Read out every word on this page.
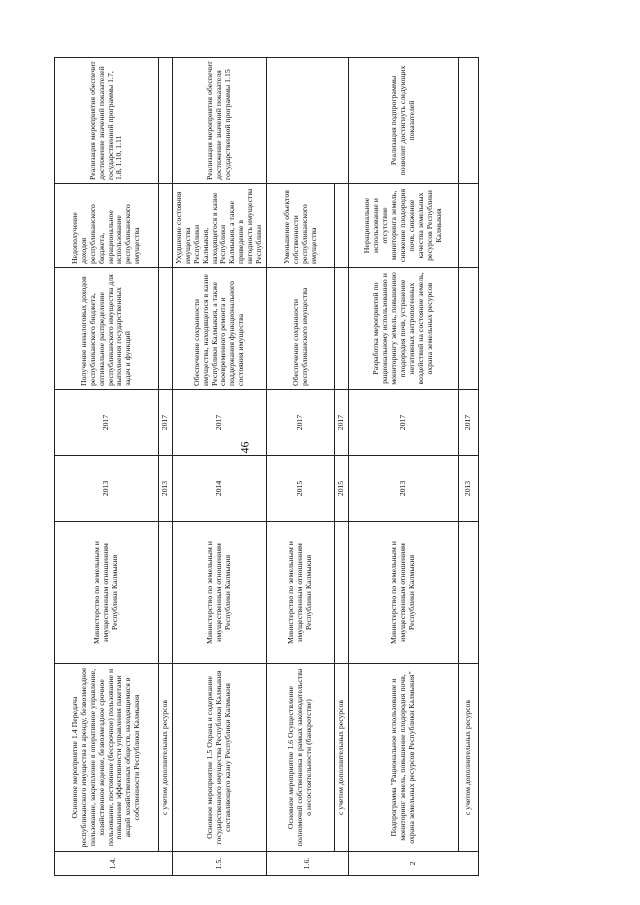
46
1.4.	Основное мероприятие 1.4 Передача республиканского имущества в аренду, безвозмездное пользование, закрепление в оперативное управление, хозяйственное ведение, безвозмездное срочное пользование, постоянное (бессрочное) пользование и повышение эффективности управления пакетами акций хозяйственных обществ, находящимися в собственности Республики Калмыкия	Министерство по земельным и имущественным отношениям Республики Калмыкия	2013	2017	Получение неналоговых доходов республиканского бюджета, оптимальное распределение республиканского имущества для выполнения государственных задач и функций	Недополучение доходов республиканского бюджета, нерациональное использование республиканского имущества	Реализация мероприятия обеспечит достижение значений показателей государственной программы 1.7, 1.8, 1.10, 1.11
	с учетом дополнительных ресурсов		2013	2017			
1.5.	Основное мероприятие 1.5 Охрана и содержание государственного имущества Республики Калмыкия составляющего казну Республики Калмыкия	Министерство по земельным и имущественным отношениям Республики Калмыкия	2014	2017	Обеспечение сохранности имущества, находящегося в казне Республики Калмыкия, а также своевременного ремонта и поддержания функционального состояния имущества	Ухудшение состояния имущества Республики Калмыкия, находящегося в казне Республики Калмыкия, а также приведение в негодность имущества Республики	Реализация мероприятия обеспечит достижение значений показателя государственной программы 1.15
1.6.	Основное мероприятие 1.6 Осуществление полномочий собственника в рамках законодательства о несостоятельности (банкротстве)	Министерство по земельным и имущественным отношениям Республики Калмыкия	2015	2017	Обеспечение сохранности республиканского имущества	Уменьшение объектов собственности республиканского имущества	
	с учетом дополнительных ресурсов		2015	2017			
2	Подпрограмма "Рациональное использование и мониторинг земель, повышение плодородия почв, охрана земельных ресурсов Республики Калмыкия"	Министерство по земельным и имущественным отношениям Республики Калмыкия	2013	2017	Разработка мероприятий по рациональному использованию и мониторингу земель, повышению плодородия почв, устранение негативных антропогенных воздействий на состояние земель, охрана земельных ресурсов	Нерациональное использование и отсутствие мониторинга земель, снижение плодородия почв, снижение качества земельных ресурсов Республики Калмыкия	Реализация подпрограммы позволит достигнуть следующих показателей
	с учетом дополнительных ресурсов		2013	2017			
